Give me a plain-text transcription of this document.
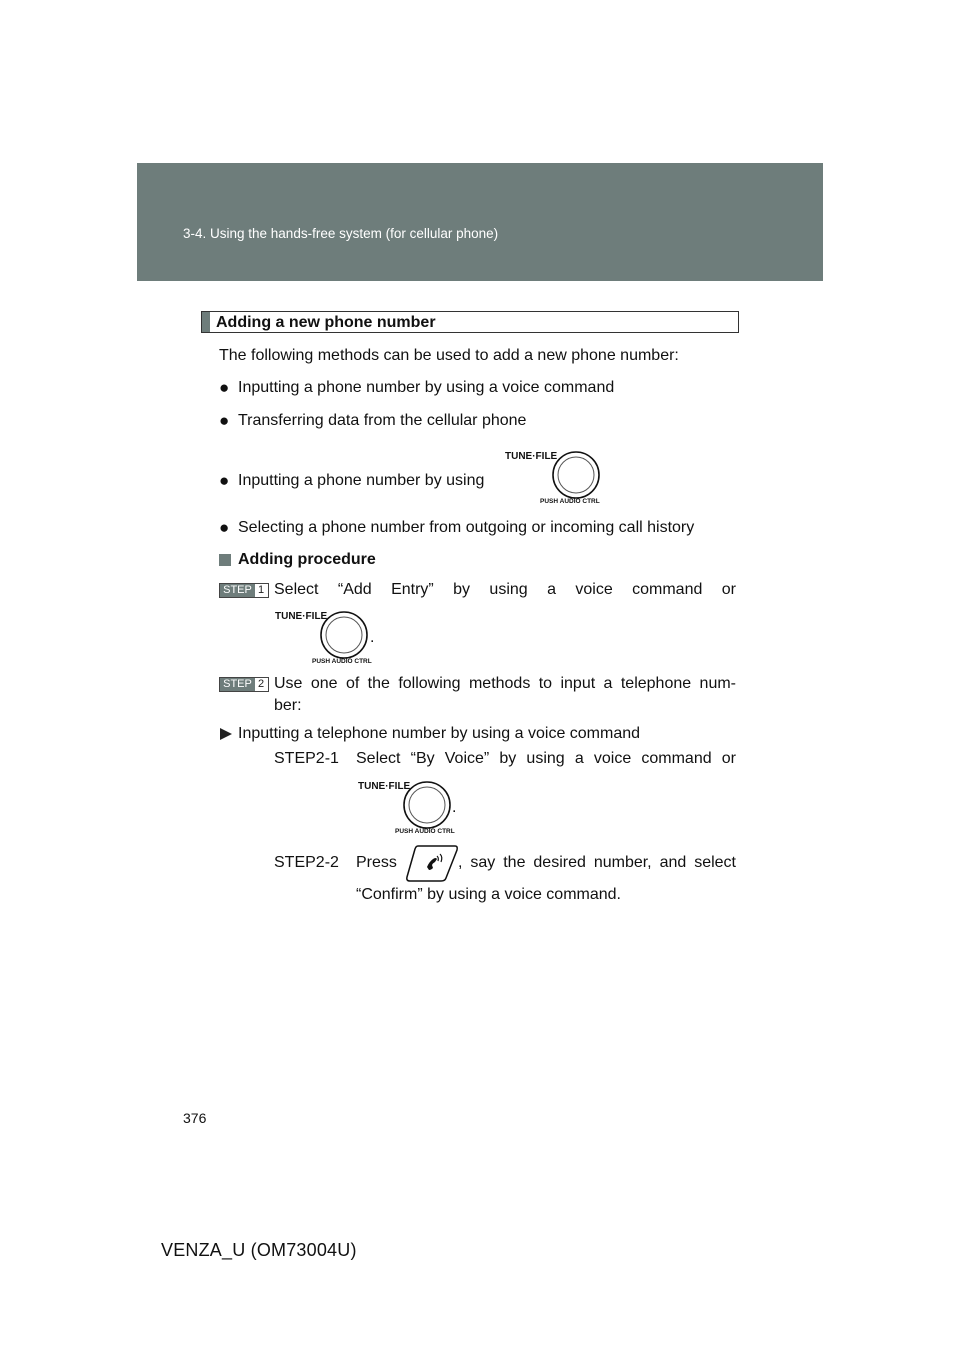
3-4. Using the hands-free system (for cellular phone)
Adding a new phone number
The following methods can be used to add a new phone number:
● Inputting a phone number by using a voice command
● Transferring data from the cellular phone
● Inputting a phone number by using
TUNE·FILE
PUSH AUDIO CTRL
● Selecting a phone number from outgoing or incoming call history
Adding procedure
STEP 1 Select “Add Entry” by using a voice command or
TUNE·FILE
PUSH AUDIO CTRL
.
STEP 2 Use one of the following methods to input a telephone num-
ber:
Inputting a telephone number by using a voice command
STEP2-1 Select “By Voice” by using a voice command or
TUNE·FILE
PUSH AUDIO CTRL
.
STEP2-2 Press	, say the desired number, and select
“Confirm” by using a voice command.
376
VENZA_U (OM73004U)
